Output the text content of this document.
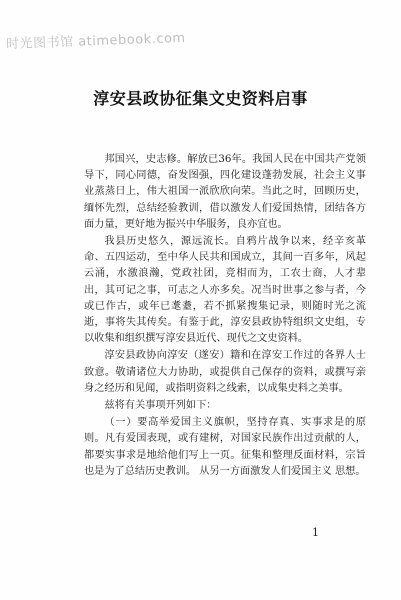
时光图书馆 atimebook.com
淳安县政协征集文史资料启事

邦国兴，史志修。解放已36年。我国人民在中国共产党领导下，同心同德，奋发图强，四化建设蓬勃发展，社会主义事业蒸蒸日上，伟大祖国一派欣欣向荣。当此之时，回顾历史，缅怀先烈，总结经验教训，借以激发人们爱国热情，团结各方面力量，更好地为振兴中华服务，良亦宜也。

我县历史悠久，源远流长。自鸦片战争以来，经辛亥革命、五四运动，至中华人民共和国成立，其间一百多年，风起云涌，水激浪瀚，党政社团，竞相而为，工农士商，人才辈出，其可记之事，可志之人亦多矣。况当时世事之参与者，今或已作古，或年已耄耋，若不抓紧搜集记录，则随时光之流逝，事将失其传矣。有鉴于此，淳安县政协特组织文史组，专以收集和组织撰写淳安县近代、现代之文史资料。

淳安县政协向淳安（遂安）籍和在淳安工作过的各界人士致意。敬请诸位大力协助，或提供自己保存的资料，或撰写亲身之经历和见闻，或指明资料之线索，以成集史料之美事。

兹将有关事项开列如下：

（一）要高举爱国主义旗帜，坚持存真、实事求是的原则。凡有爱国表现，或有建树，对国家民族作出过贡献的人，都要实事求是地给他们写上一页。征集和整理反面材料，宗旨也是为了总结历史教训。 从另一方面激发人们爱国主义 思想。

1
